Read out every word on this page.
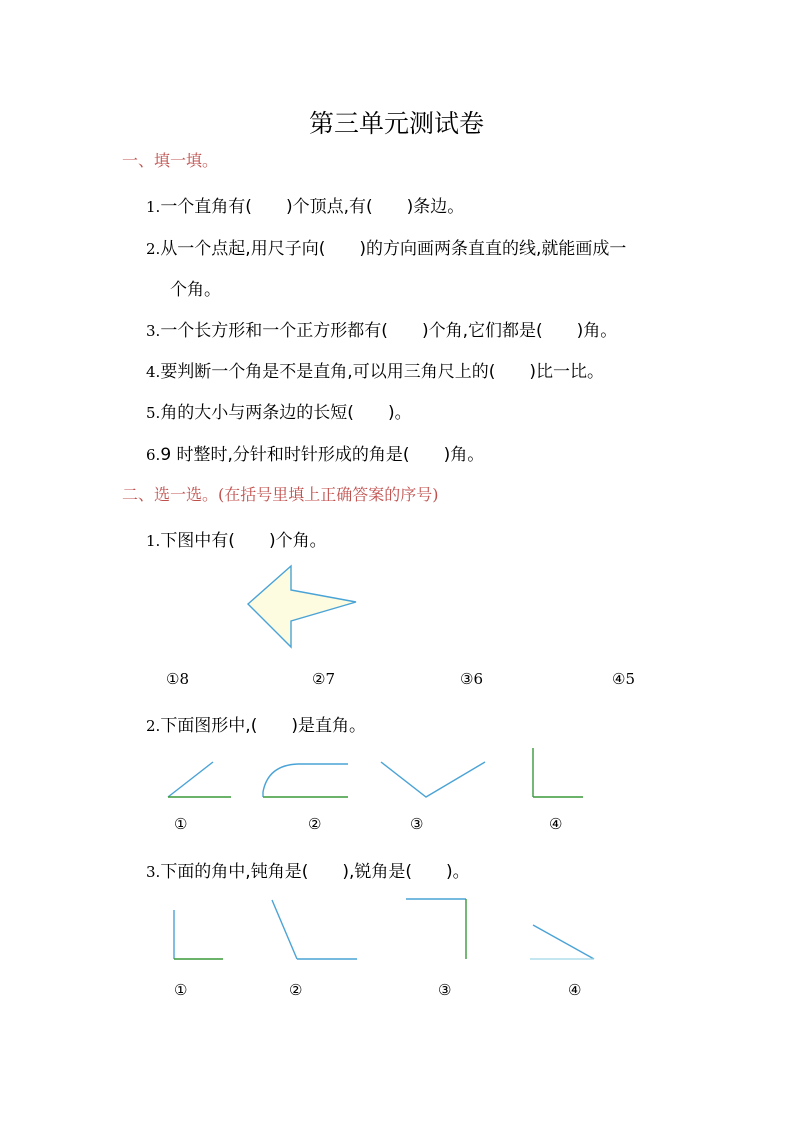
第三单元测试卷
一、填一填。
1.一个直角有(　　)个顶点,有(　　)条边。
2.从一个点起,用尺子向(　　)的方向画两条直直的线,就能画成一
个角。
3.一个长方形和一个正方形都有(　　)个角,它们都是(　　)角。
4.要判断一个角是不是直角,可以用三角尺上的(　　)比一比。
5.角的大小与两条边的长短(　　)。
6.9 时整时,分针和时针形成的角是(　　)角。
二、选一选。(在括号里填上正确答案的序号)
1.下图中有(　　)个角。
①8	②7	③6	④5
2.下面图形中,(　　)是直角。
①	②	③	④
3.下面的角中,钝角是(　　),锐角是(　　)。
①	②	③	④
